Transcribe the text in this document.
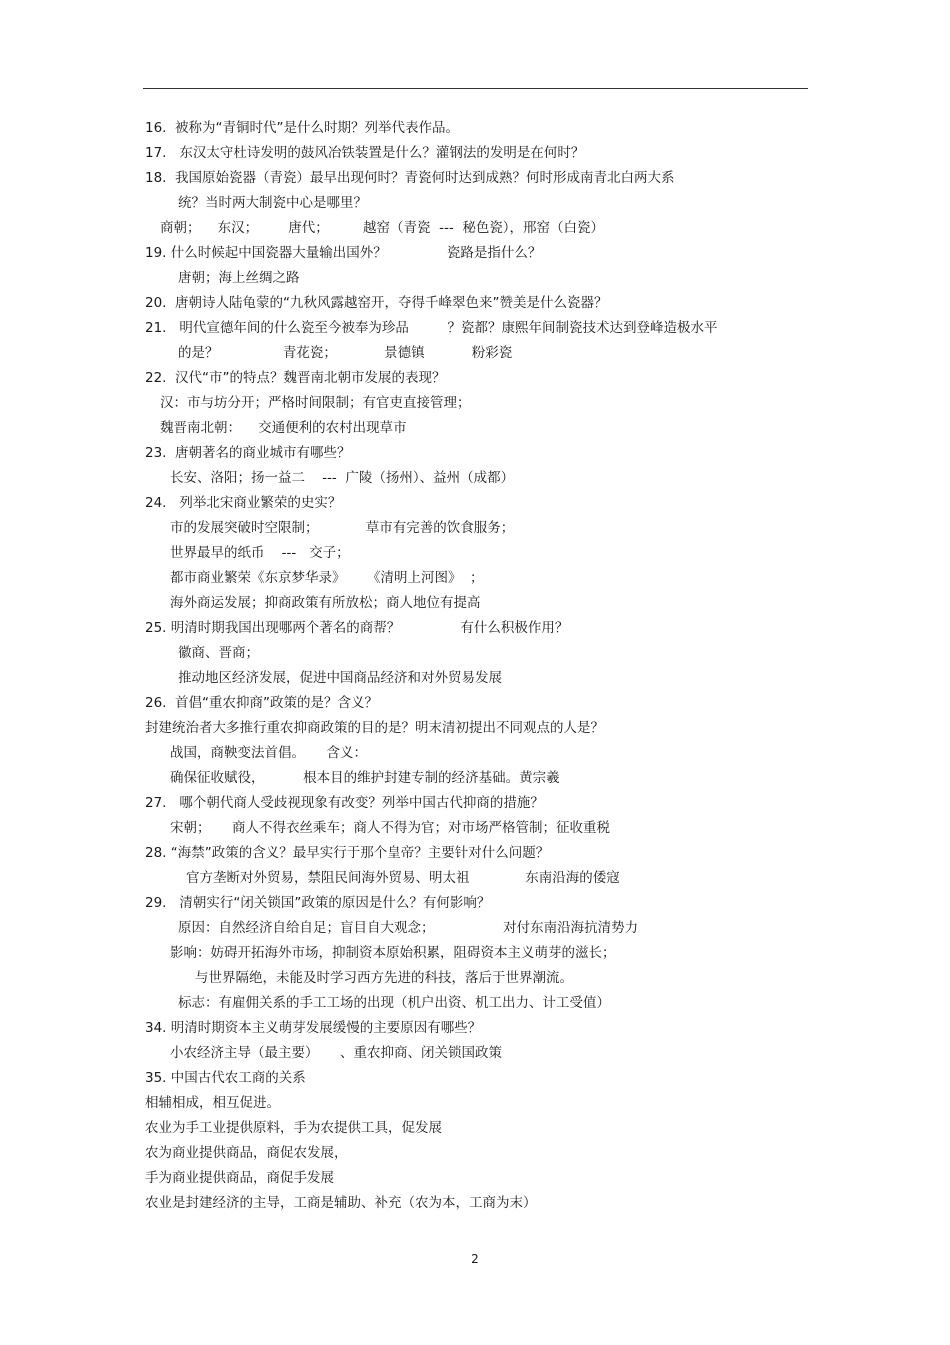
16.  被称为“青铜时代”是什么时期？列举代表作品。
17.   东汉太守杜诗发明的鼓风冶铁装置是什么？灌钢法的发明是在何时？
18.  我国原始瓷器（青瓷）最早出现何时？青瓷何时达到成熟？何时形成南青北白两大系
统？当时两大制瓷中心是哪里？
商朝；    东汉；       唐代；        越窑（青瓷  ---  秘色瓷），邢窑（白瓷）
19. 什么时候起中国瓷器大量输出国外？              瓷路是指什么？
唐朝；海上丝绸之路
20.  唐朝诗人陆龟蒙的“九秋风露越窑开，夺得千峰翠色来”赞美是什么瓷器？
21.   明代宣德年间的什么瓷至今被奉为珍品         ？瓷都？康熙年间制瓷技术达到登峰造极水平
的是？               青花瓷；           景德镇           粉彩瓷
22.  汉代“市”的特点？魏晋南北朝市发展的表现？
汉：市与坊分开；严格时间限制；有官吏直接管理；
魏晋南北朝：    交通便利的农村出现草市
23.  唐朝著名的商业城市有哪些？
长安、洛阳；扬一益二    ---  广陵（扬州）、益州（成都）
24.   列举北宋商业繁荣的史实？
市的发展突破时空限制；           草市有完善的饮食服务；
世界最早的纸币    ---   交子；
都市商业繁荣《东京梦华录》     《清明上河图》  ；
海外商运发展；抑商政策有所放松；商人地位有提高
25. 明清时期我国出现哪两个著名的商帮？              有什么积极作用？
徽商、晋商；
推动地区经济发展，促进中国商品经济和对外贸易发展
26.  首倡“重农抑商”政策的是？含义？
封建统治者大多推行重农抑商政策的目的是？明末清初提出不同观点的人是？
战国，商鞅变法首倡。     含义：
确保征收赋役，         根本目的维护封建专制的经济基础。黄宗羲
27.   哪个朝代商人受歧视现象有改变？列举中国古代抑商的措施？
宋朝；     商人不得衣丝乘车；商人不得为官；对市场严格管制；征收重税
28. “海禁”政策的含义？最早实行于那个皇帝？主要针对什么问题？
官方垄断对外贸易，禁阻民间海外贸易、明太祖             东南沿海的倭寇
29.   清朝实行“闭关锁国”政策的原因是什么？有何影响？
原因：自然经济自给自足；盲目自大观念；                对付东南沿海抗清势力
影响：妨碍开拓海外市场，抑制资本原始积累，阻碍资本主义萌芽的滋长；
与世界隔绝，未能及时学习西方先进的科技，落后于世界潮流。
标志：有雇佣关系的手工工场的出现（机户出资、机工出力、计工受值）
34. 明清时期资本主义萌芽发展缓慢的主要原因有哪些？
小农经济主导（最主要）     、重农抑商、闭关锁国政策
35. 中国古代农工商的关系
相辅相成，相互促进。
农业为手工业提供原料，手为农提供工具，促发展
农为商业提供商品，商促农发展，
手为商业提供商品，商促手发展
农业是封建经济的主导，工商是辅助、补充（农为本，工商为末）
2
